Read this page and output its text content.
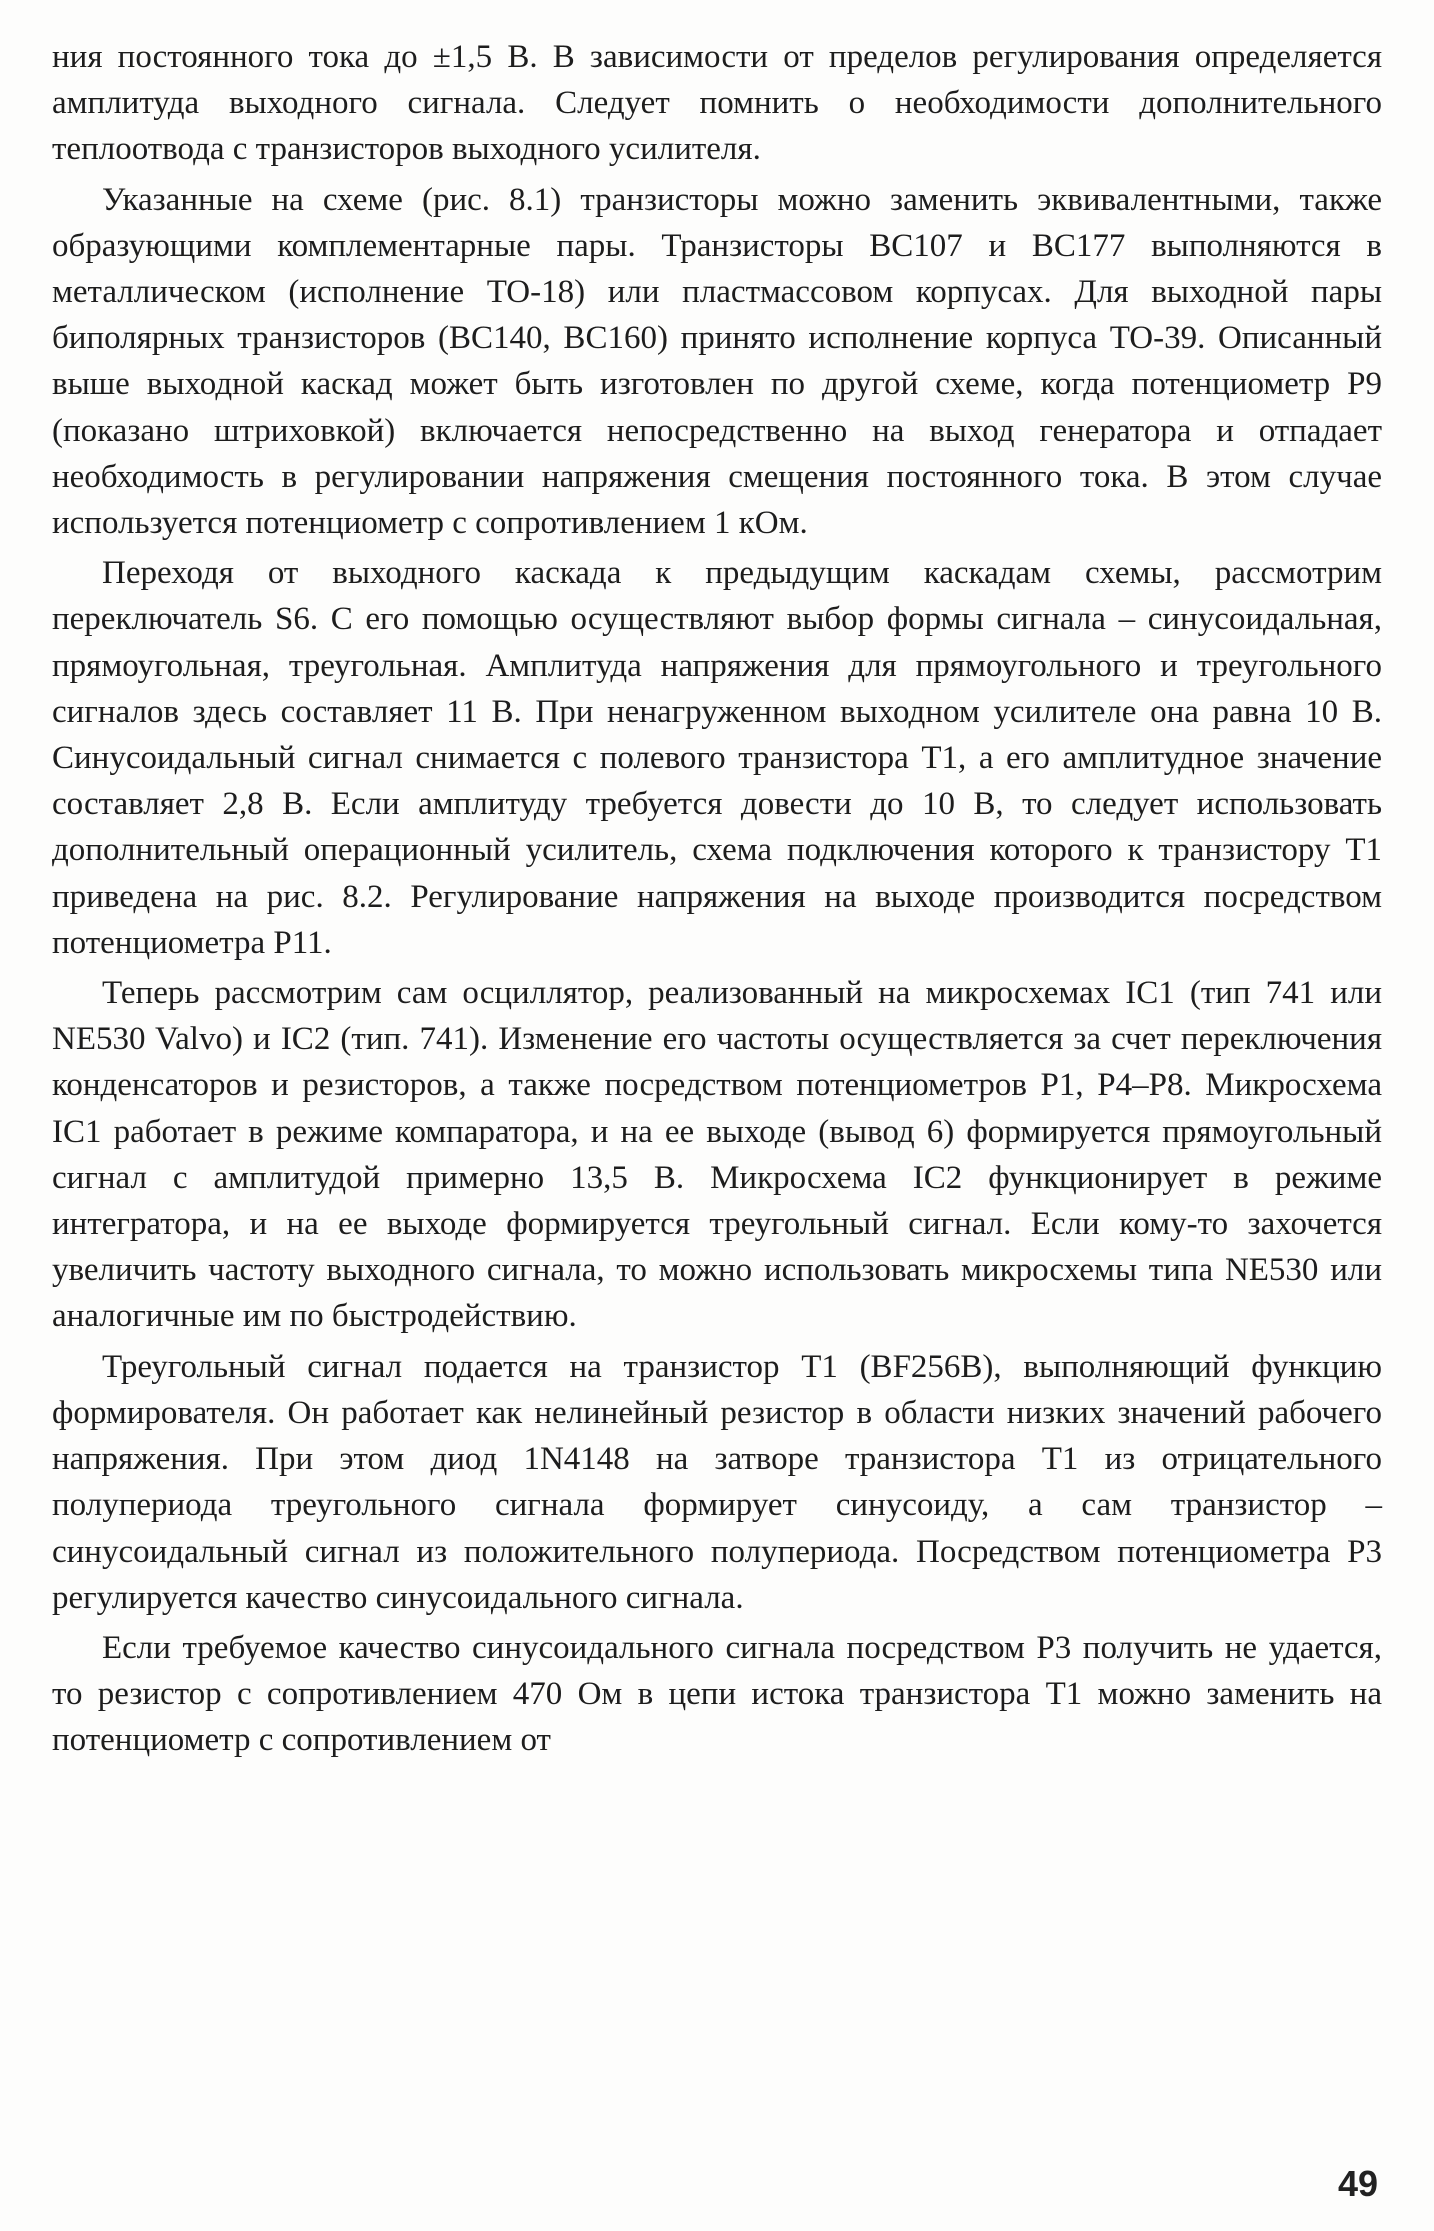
ния постоянного тока до ±1,5 В. В зависимости от пределов регулирования определяется амплитуда выходного сигнала. Следует помнить о необходимости дополнительного теплоотвода с транзисторов выходного усилителя.

Указанные на схеме (рис. 8.1) транзисторы можно заменить эквивалентными, также образующими комплементарные пары. Транзисторы BC107 и BC177 выполняются в металлическом (исполнение TO-18) или пластмассовом корпусах. Для выходной пары биполярных транзисторов (BC140, BC160) принято исполнение корпуса TO-39. Описанный выше выходной каскад может быть изготовлен по другой схеме, когда потенциометр P9 (показано штриховкой) включается непосредственно на выход генератора и отпадает необходимость в регулировании напряжения смещения постоянного тока. В этом случае используется потенциометр с сопротивлением 1 кОм.

Переходя от выходного каскада к предыдущим каскадам схемы, рассмотрим переключатель S6. С его помощью осуществляют выбор формы сигнала – синусоидальная, прямоугольная, треугольная. Амплитуда напряжения для прямоугольного и треугольного сигналов здесь составляет 11 В. При ненагруженном выходном усилителе она равна 10 В. Синусоидальный сигнал снимается с полевого транзистора T1, а его амплитудное значение составляет 2,8 В. Если амплитуду требуется довести до 10 В, то следует использовать дополнительный операционный усилитель, схема подключения которого к транзистору T1 приведена на рис. 8.2. Регулирование напряжения на выходе производится посредством потенциометра P11.

Теперь рассмотрим сам осциллятор, реализованный на микросхемах IC1 (тип 741 или NE530 Valvo) и IC2 (тип. 741). Изменение его частоты осуществляется за счет переключения конденсаторов и резисторов, а также посредством потенциометров P1, P4–P8. Микросхема IC1 работает в режиме компаратора, и на ее выходе (вывод 6) формируется прямоугольный сигнал с амплитудой примерно 13,5 В. Микросхема IC2 функционирует в режиме интегратора, и на ее выходе формируется треугольный сигнал. Если кому-то захочется увеличить частоту выходного сигнала, то можно использовать микросхемы типа NE530 или аналогичные им по быстродействию.

Треугольный сигнал подается на транзистор T1 (BF256B), выполняющий функцию формирователя. Он работает как нелинейный резистор в области низких значений рабочего напряжения. При этом диод 1N4148 на затворе транзистора T1 из отрицательного полупериода треугольного сигнала формирует синусоиду, а сам транзистор – синусоидальный сигнал из положительного полупериода. Посредством потенциометра P3 регулируется качество синусоидального сигнала.

Если требуемое качество синусоидального сигнала посредством P3 получить не удается, то резистор с сопротивлением 470 Ом в цепи истока транзистора T1 можно заменить на потенциометр с сопротивлением от

49
